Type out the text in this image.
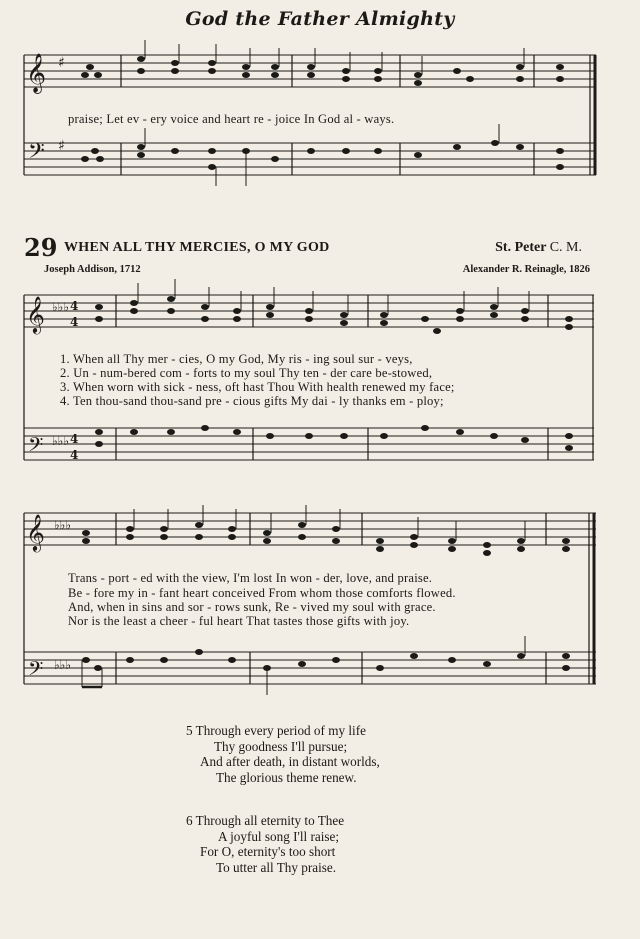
God the Father Almighty
𝄞 ♯
𝄢 ♯
praise; Let ev - ery voice and heart re - joice In God al - ways.
29 WHEN ALL THY MERCIES, O MY GOD	St. Peter C. M.
Joseph Addison, 1712	Alexander R. Reinagle, 1826
𝄞 ♭♭♭ 4
4
𝄢 ♭♭♭ 4
4
1. When all Thy mer - cies, O my God, My ris - ing soul sur - veys,
2. Un - num-bered com - forts to my soul Thy ten - der care be-stowed,
3. When worn with sick - ness, oft hast Thou With health renewed my face;
4. Ten thou-sand thou-sand pre - cious gifts My dai - ly thanks em - ploy;
𝄞 ♭♭♭
𝄢 ♭♭♭
Trans - port - ed with the view, I'm lost In won - der, love, and praise.
Be - fore my in - fant heart conceived From whom those comforts flowed.
And, when in sins and sor - rows sunk, Re - vived my soul with grace.
Nor is the least a cheer - ful heart That tastes those gifts with joy.
5 Through every period of my life
Thy goodness I'll pursue;
And after death, in distant worlds,
The glorious theme renew.
6 Through all eternity to Thee
A joyful song I'll raise;
For O, eternity's too short
To utter all Thy praise.
